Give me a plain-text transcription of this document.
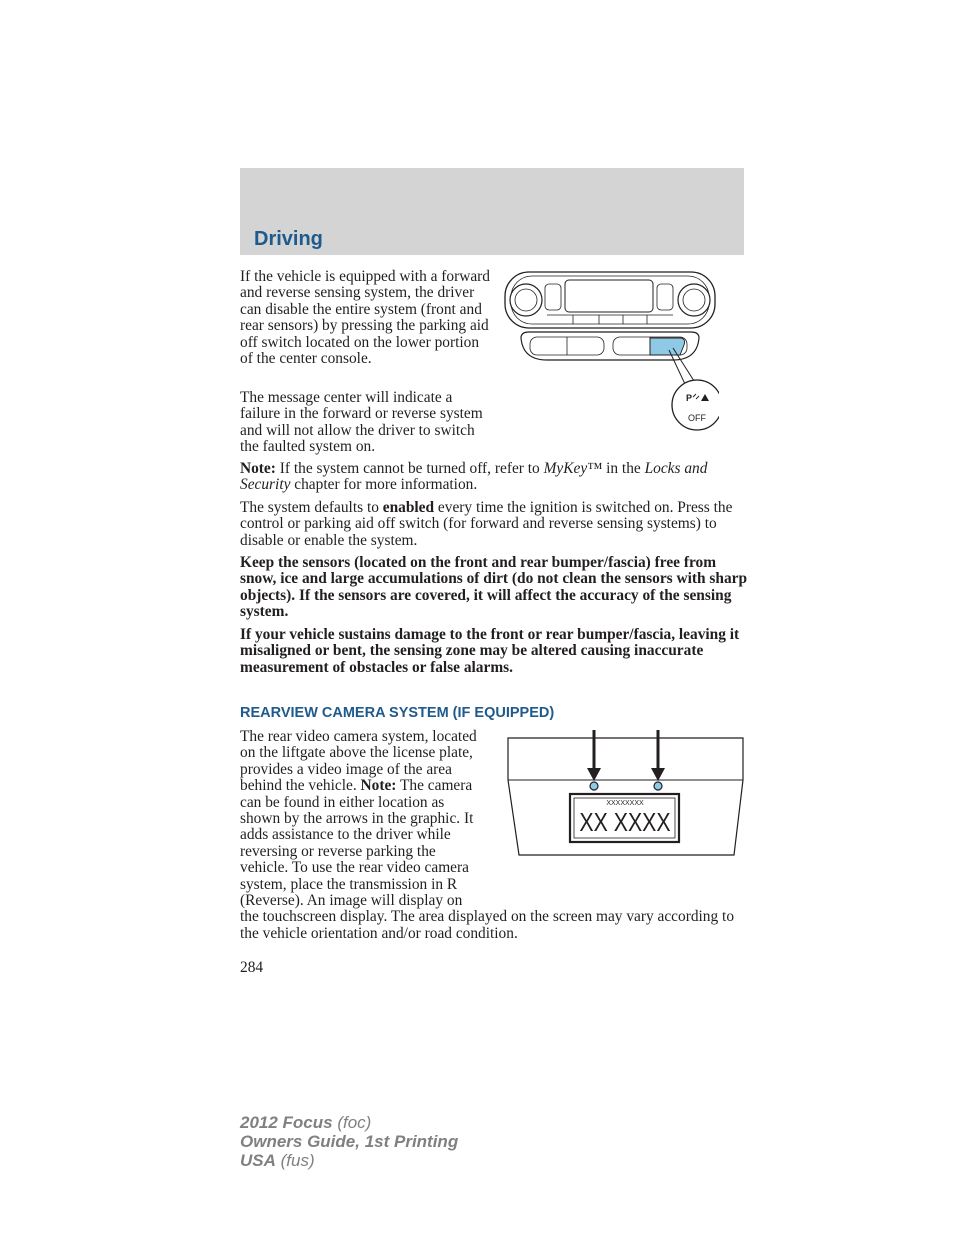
Driving

If the vehicle is equipped with a forward and reverse sensing system, the driver can disable the entire system (front and rear sensors) by pressing the parking aid off switch located on the lower portion of the center console.

The message center will indicate a failure in the forward or reverse system and will not allow the driver to switch the faulted system on.

P
OFF

Note: If the system cannot be turned off, refer to MyKey™ in the Locks and Security chapter for more information.

The system defaults to enabled every time the ignition is switched on. Press the control or parking aid off switch (for forward and reverse sensing systems) to disable or enable the system.

Keep the sensors (located on the front and rear bumper/fascia) free from snow, ice and large accumulations of dirt (do not clean the sensors with sharp objects). If the sensors are covered, it will affect the accuracy of the sensing system.

If your vehicle sustains damage to the front or rear bumper/fascia, leaving it misaligned or bent, the sensing zone may be altered causing inaccurate measurement of obstacles or false alarms.

REARVIEW CAMERA SYSTEM (IF EQUIPPED)
XXXXXXXX
XX XXXX
The rear video camera system, located on the liftgate above the license plate, provides a video image of the area behind the vehicle. Note: The camera can be found in either location as shown by the arrows in the graphic. It adds assistance to the driver while reversing or reverse parking the vehicle. To use the rear video camera system, place the transmission in R (Reverse). An image will display on the touchscreen display. The area displayed on the screen may vary according to the vehicle orientation and/or road condition.
284
2012 Focus (foc)
Owners Guide, 1st Printing
USA (fus)
